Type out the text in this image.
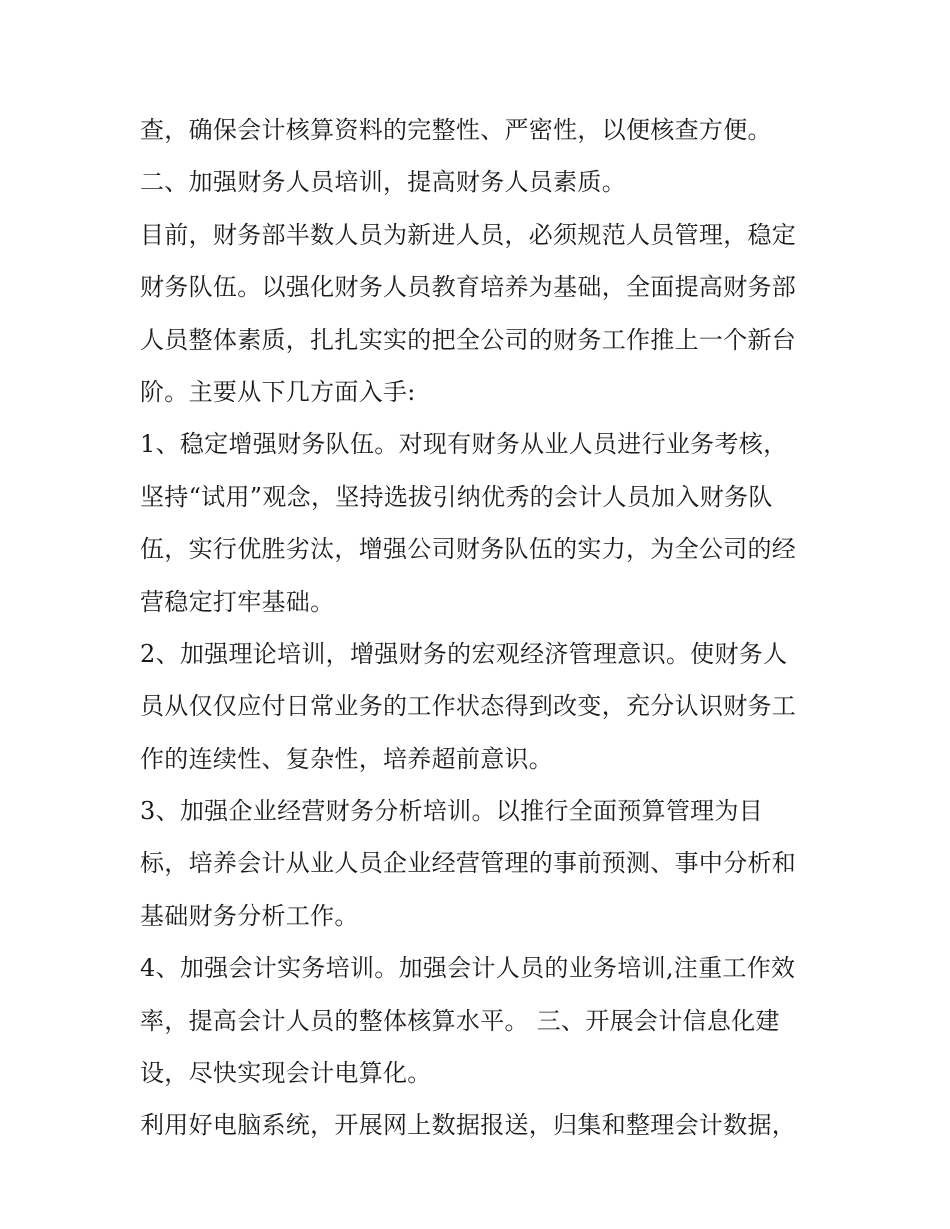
查，确保会计核算资料的完整性、严密性，以便核查方便。
二、加强财务人员培训，提高财务人员素质。
目前，财务部半数人员为新进人员，必须规范人员管理，稳定
财务队伍。以强化财务人员教育培养为基础，全面提高财务部
人员整体素质，扎扎实实的把全公司的财务工作推上一个新台
阶。主要从下几方面入手:
1、稳定增强财务队伍。对现有财务从业人员进行业务考核，
坚持“试用”观念，坚持选拔引纳优秀的会计人员加入财务队
伍，实行优胜劣汰，增强公司财务队伍的实力，为全公司的经
营稳定打牢基础。
2、加强理论培训，增强财务的宏观经济管理意识。使财务人
员从仅仅应付日常业务的工作状态得到改变，充分认识财务工
作的连续性、复杂性，培养超前意识。
3、加强企业经营财务分析培训。以推行全面预算管理为目
标，培养会计从业人员企业经营管理的事前预测、事中分析和
基础财务分析工作。
4、加强会计实务培训。加强会计人员的业务培训,注重工作效
率，提高会计人员的整体核算水平。 三、开展会计信息化建
设，尽快实现会计电算化。
利用好电脑系统，开展网上数据报送，归集和整理会计数据，
